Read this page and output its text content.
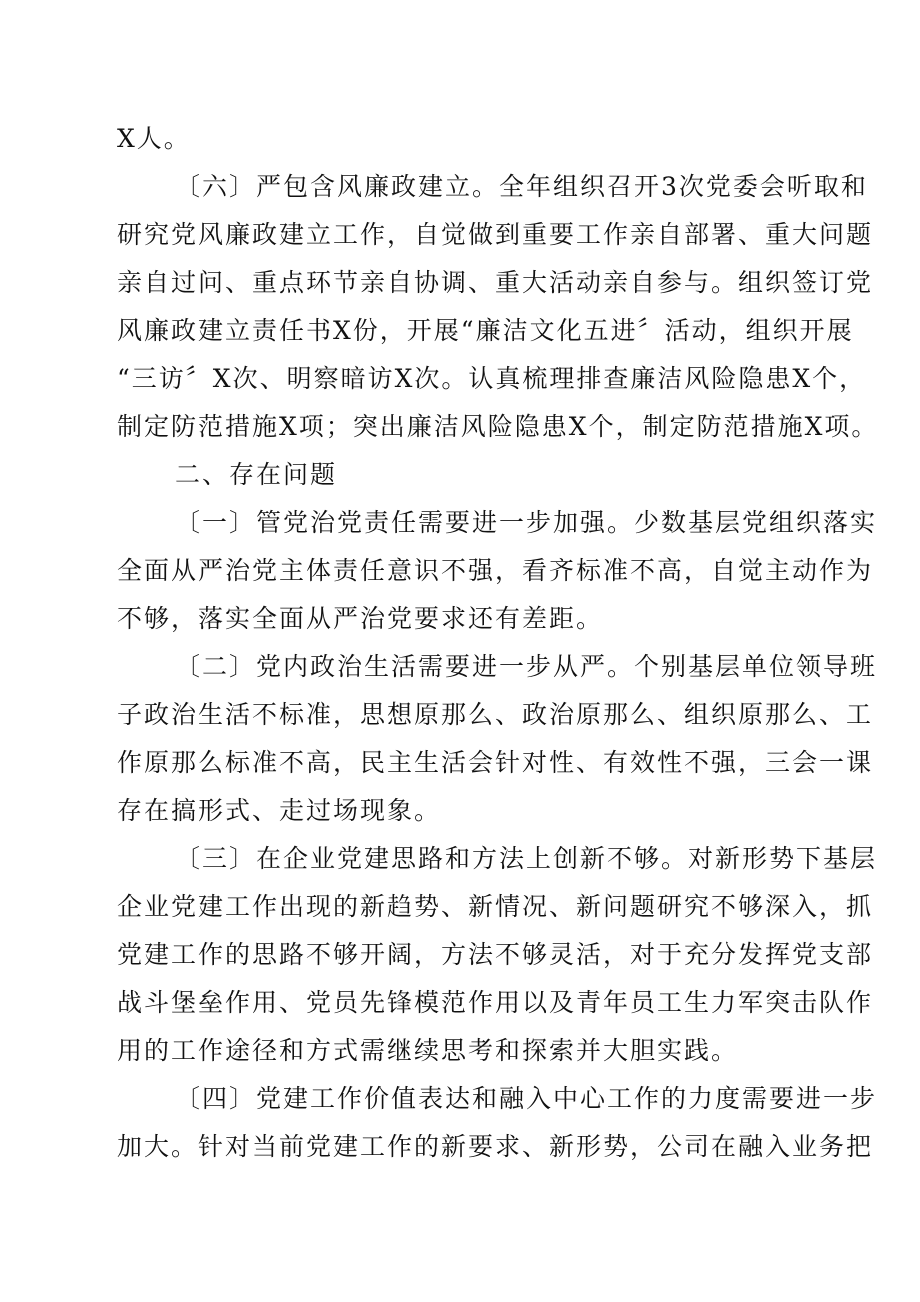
X人。
〔六〕严包含风廉政建立。全年组织召开3次党委会听取和
研究党风廉政建立工作，自觉做到重要工作亲自部署、重大问题
亲自过问、重点环节亲自协调、重大活动亲自参与。组织签订党
风廉政建立责任书X份，开展“廉洁文化五进〞活动，组织开展
“三访〞X次、明察暗访X次。认真梳理排查廉洁风险隐患X个，
制定防范措施X项；突出廉洁风险隐患X个，制定防范措施X项。
二、存在问题
〔一〕管党治党责任需要进一步加强。少数基层党组织落实
全面从严治党主体责任意识不强，看齐标准不高，自觉主动作为
不够，落实全面从严治党要求还有差距。
〔二〕党内政治生活需要进一步从严。个别基层单位领导班
子政治生活不标准，思想原那么、政治原那么、组织原那么、工
作原那么标准不高，民主生活会针对性、有效性不强，三会一课
存在搞形式、走过场现象。
〔三〕在企业党建思路和方法上创新不够。对新形势下基层
企业党建工作出现的新趋势、新情况、新问题研究不够深入，抓
党建工作的思路不够开阔，方法不够灵活，对于充分发挥党支部
战斗堡垒作用、党员先锋模范作用以及青年员工生力军突击队作
用的工作途径和方式需继续思考和探索并大胆实践。
〔四〕党建工作价值表达和融入中心工作的力度需要进一步
加大。针对当前党建工作的新要求、新形势，公司在融入业务把
